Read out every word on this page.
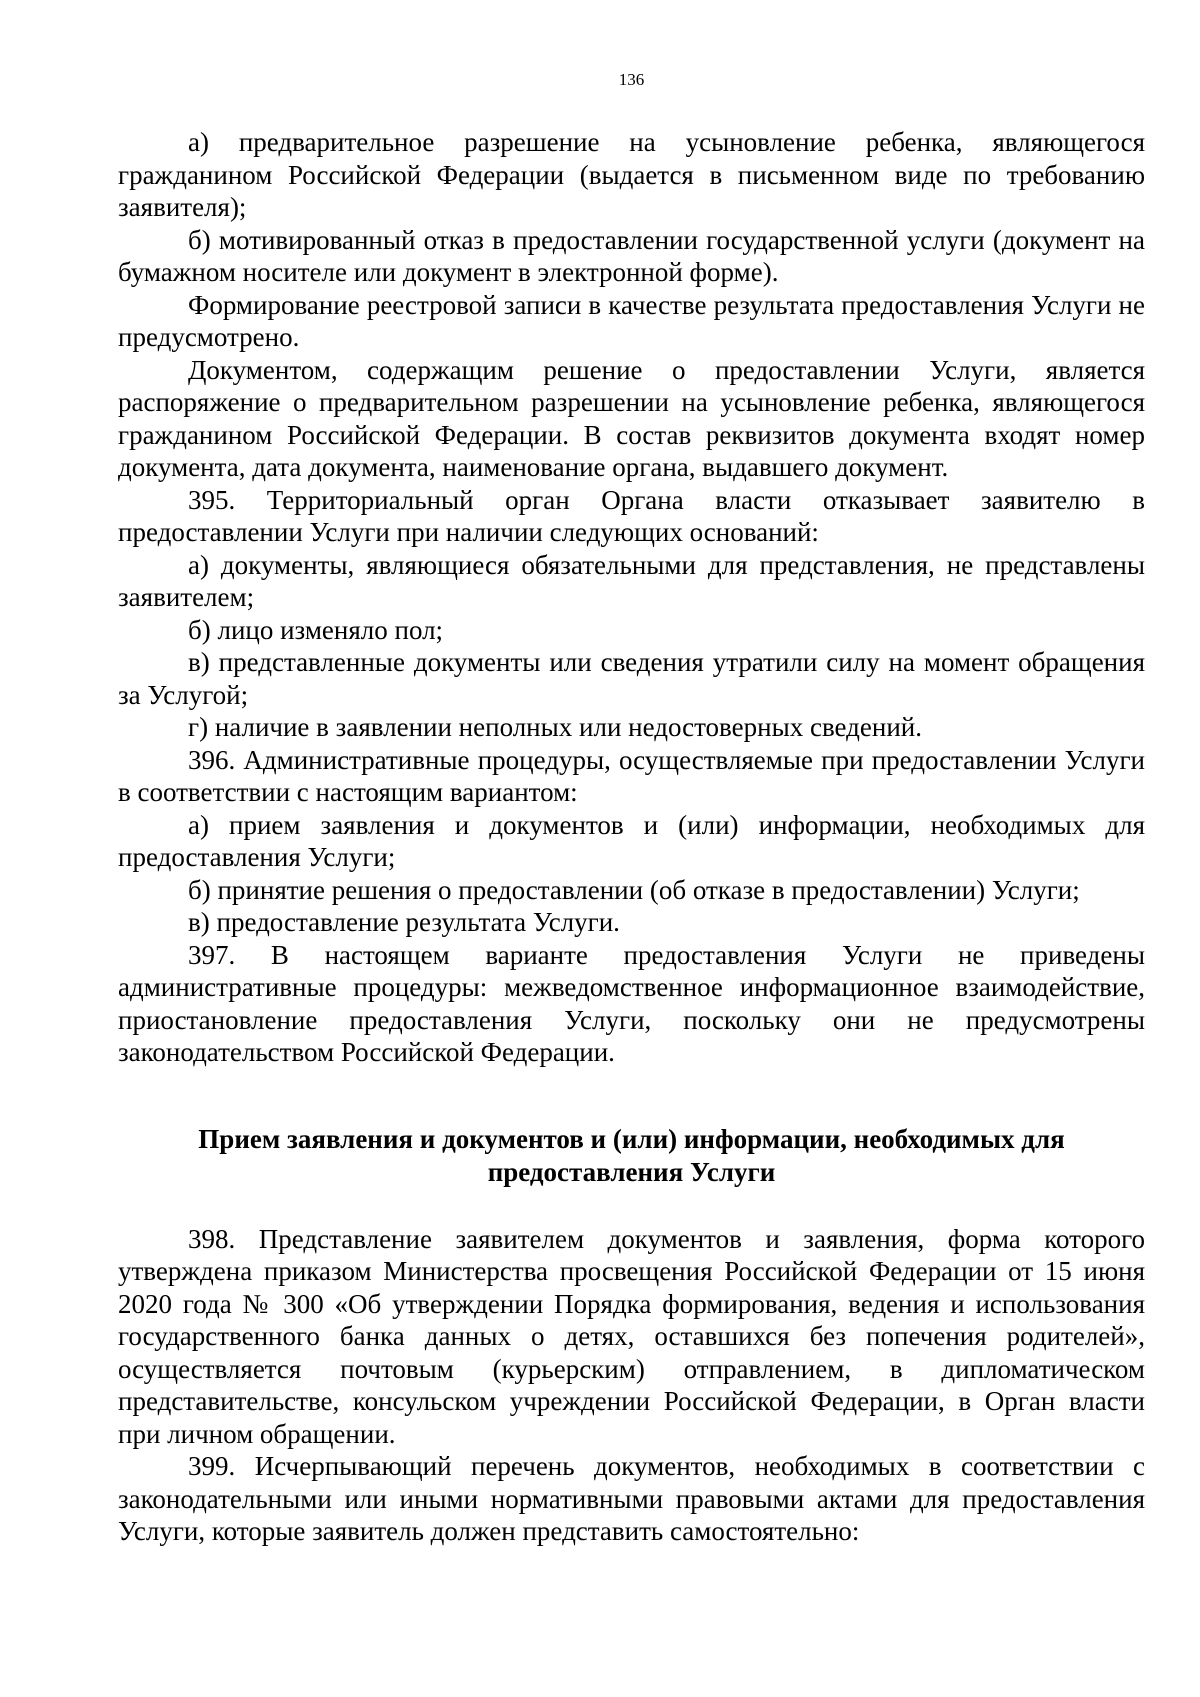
136

а) предварительное разрешение на усыновление ребенка, являющегося гражданином Российской Федерации (выдается в письменном виде по требованию заявителя);

б) мотивированный отказ в предоставлении государственной услуги (документ на бумажном носителе или документ в электронной форме).

Формирование реестровой записи в качестве результата предоставления Услуги не предусмотрено.

Документом, содержащим решение о предоставлении Услуги, является распоряжение о предварительном разрешении на усыновление ребенка, являющегося гражданином Российской Федерации. В состав реквизитов документа входят номер документа, дата документа, наименование органа, выдавшего документ.

395. Территориальный орган Органа власти отказывает заявителю в предоставлении Услуги при наличии следующих оснований:

а) документы, являющиеся обязательными для представления, не представлены заявителем;

б) лицо изменяло пол;

в) представленные документы или сведения утратили силу на момент обращения за Услугой;

г) наличие в заявлении неполных или недостоверных сведений.

396. Административные процедуры, осуществляемые при предоставлении Услуги в соответствии с настоящим вариантом:

а) прием заявления и документов и (или) информации, необходимых для предоставления Услуги;

б) принятие решения о предоставлении (об отказе в предоставлении) Услуги;

в) предоставление результата Услуги.

397. В настоящем варианте предоставления Услуги не приведены административные процедуры: межведомственное информационное взаимодействие, приостановление предоставления Услуги, поскольку они не предусмотрены законодательством Российской Федерации.

Прием заявления и документов и (или) информации, необходимых для предоставления Услуги

398. Представление заявителем документов и заявления, форма которого утверждена приказом Министерства просвещения Российской Федерации от 15 июня 2020 года № 300 «Об утверждении Порядка формирования, ведения и использования государственного банка данных о детях, оставшихся без попечения родителей», осуществляется почтовым (курьерским) отправлением, в дипломатическом представительстве, консульском учреждении Российской Федерации, в Орган власти при личном обращении.

399. Исчерпывающий перечень документов, необходимых в соответствии с законодательными или иными нормативными правовыми актами для предоставления Услуги, которые заявитель должен представить самостоятельно:
